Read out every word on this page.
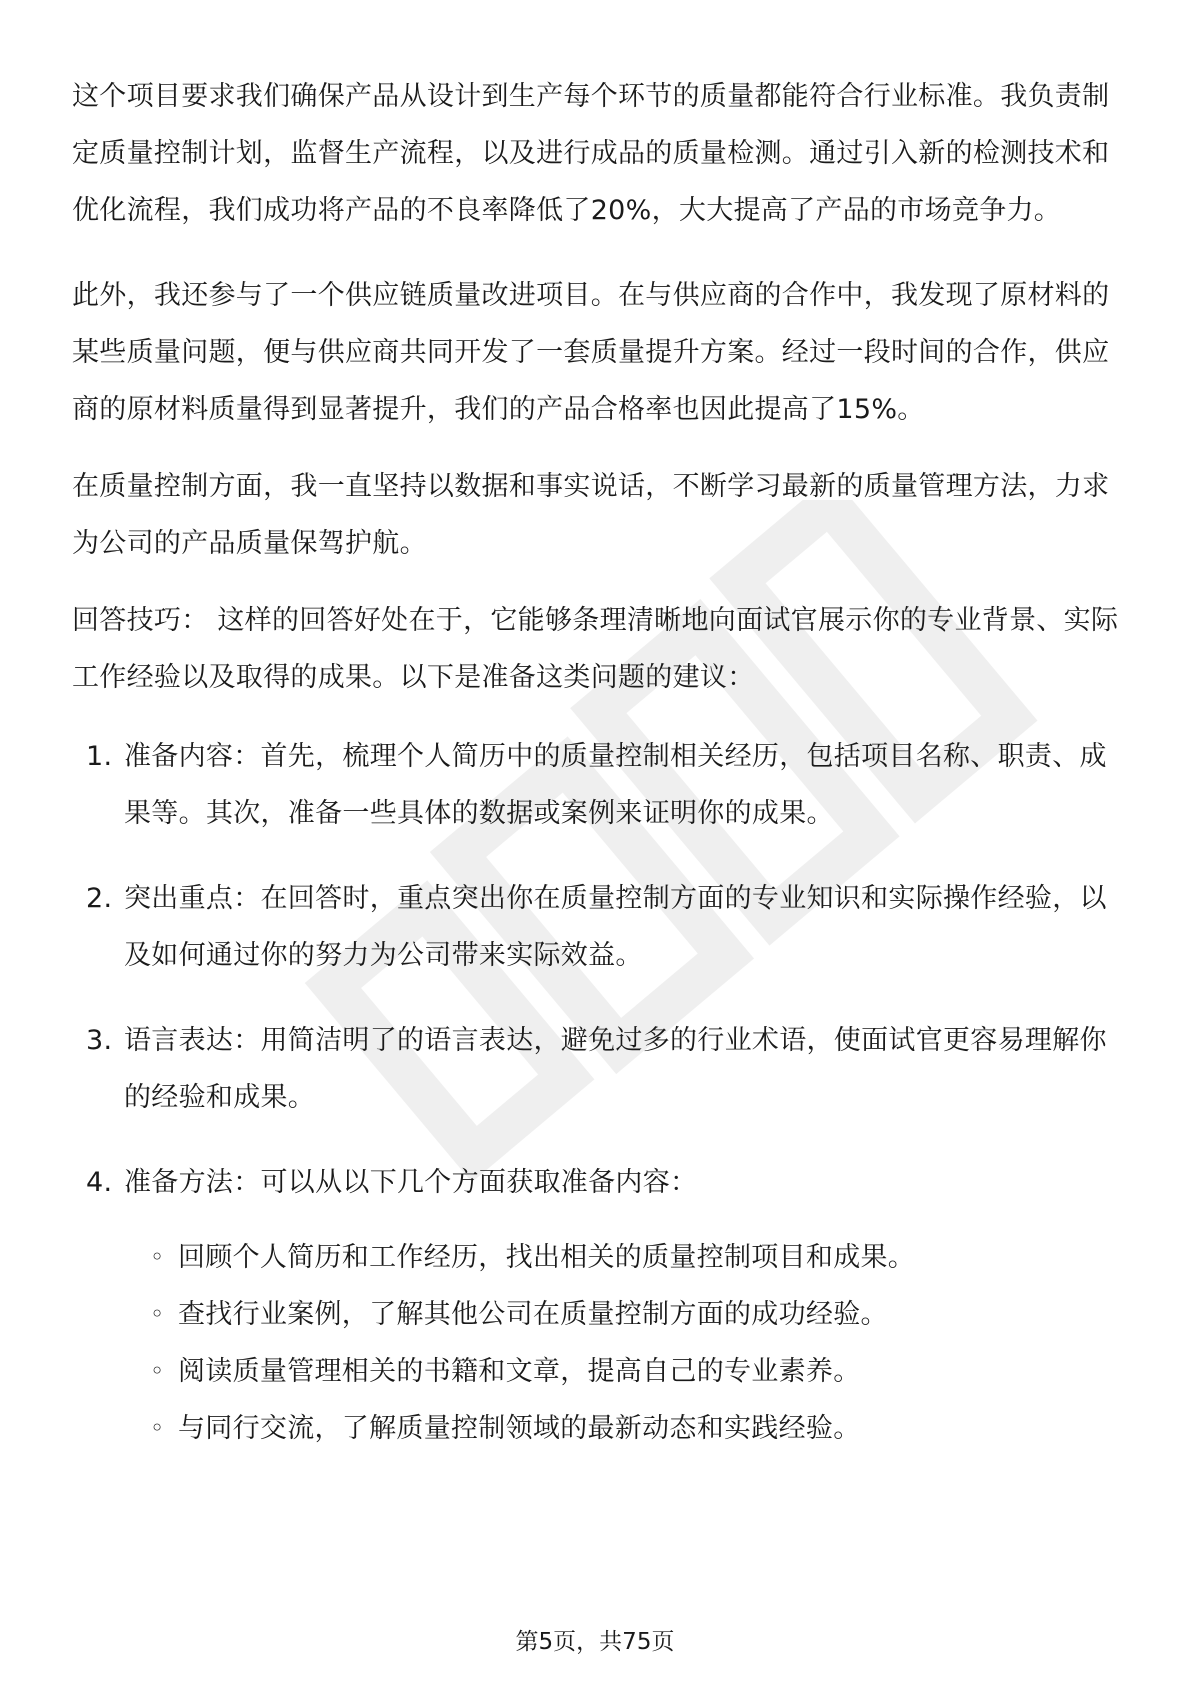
这个项目要求我们确保产品从设计到生产每个环节的质量都能符合行业标准。我负责制定质量控制计划，监督生产流程，以及进行成品的质量检测。通过引入新的检测技术和优化流程，我们成功将产品的不良率降低了20%，大大提高了产品的市场竞争力。

此外，我还参与了一个供应链质量改进项目。在与供应商的合作中，我发现了原材料的某些质量问题，便与供应商共同开发了一套质量提升方案。经过一段时间的合作，供应商的原材料质量得到显著提升，我们的产品合格率也因此提高了15%。

在质量控制方面，我一直坚持以数据和事实说话，不断学习最新的质量管理方法，力求为公司的产品质量保驾护航。

回答技巧： 这样的回答好处在于，它能够条理清晰地向面试官展示你的专业背景、实际工作经验以及取得的成果。以下是准备这类问题的建议：

1. 准备内容：首先，梳理个人简历中的质量控制相关经历，包括项目名称、职责、成果等。其次，准备一些具体的数据或案例来证明你的成果。
2. 突出重点：在回答时，重点突出你在质量控制方面的专业知识和实际操作经验，以及如何通过你的努力为公司带来实际效益。
3. 语言表达：用简洁明了的语言表达，避免过多的行业术语，使面试官更容易理解你的经验和成果。
4. 准备方法：可以从以下几个方面获取准备内容：
◦ 回顾个人简历和工作经历，找出相关的质量控制项目和成果。
◦ 查找行业案例，了解其他公司在质量控制方面的成功经验。
◦ 阅读质量管理相关的书籍和文章，提高自己的专业素养。
◦ 与同行交流，了解质量控制领域的最新动态和实践经验。
第5页，共75页
